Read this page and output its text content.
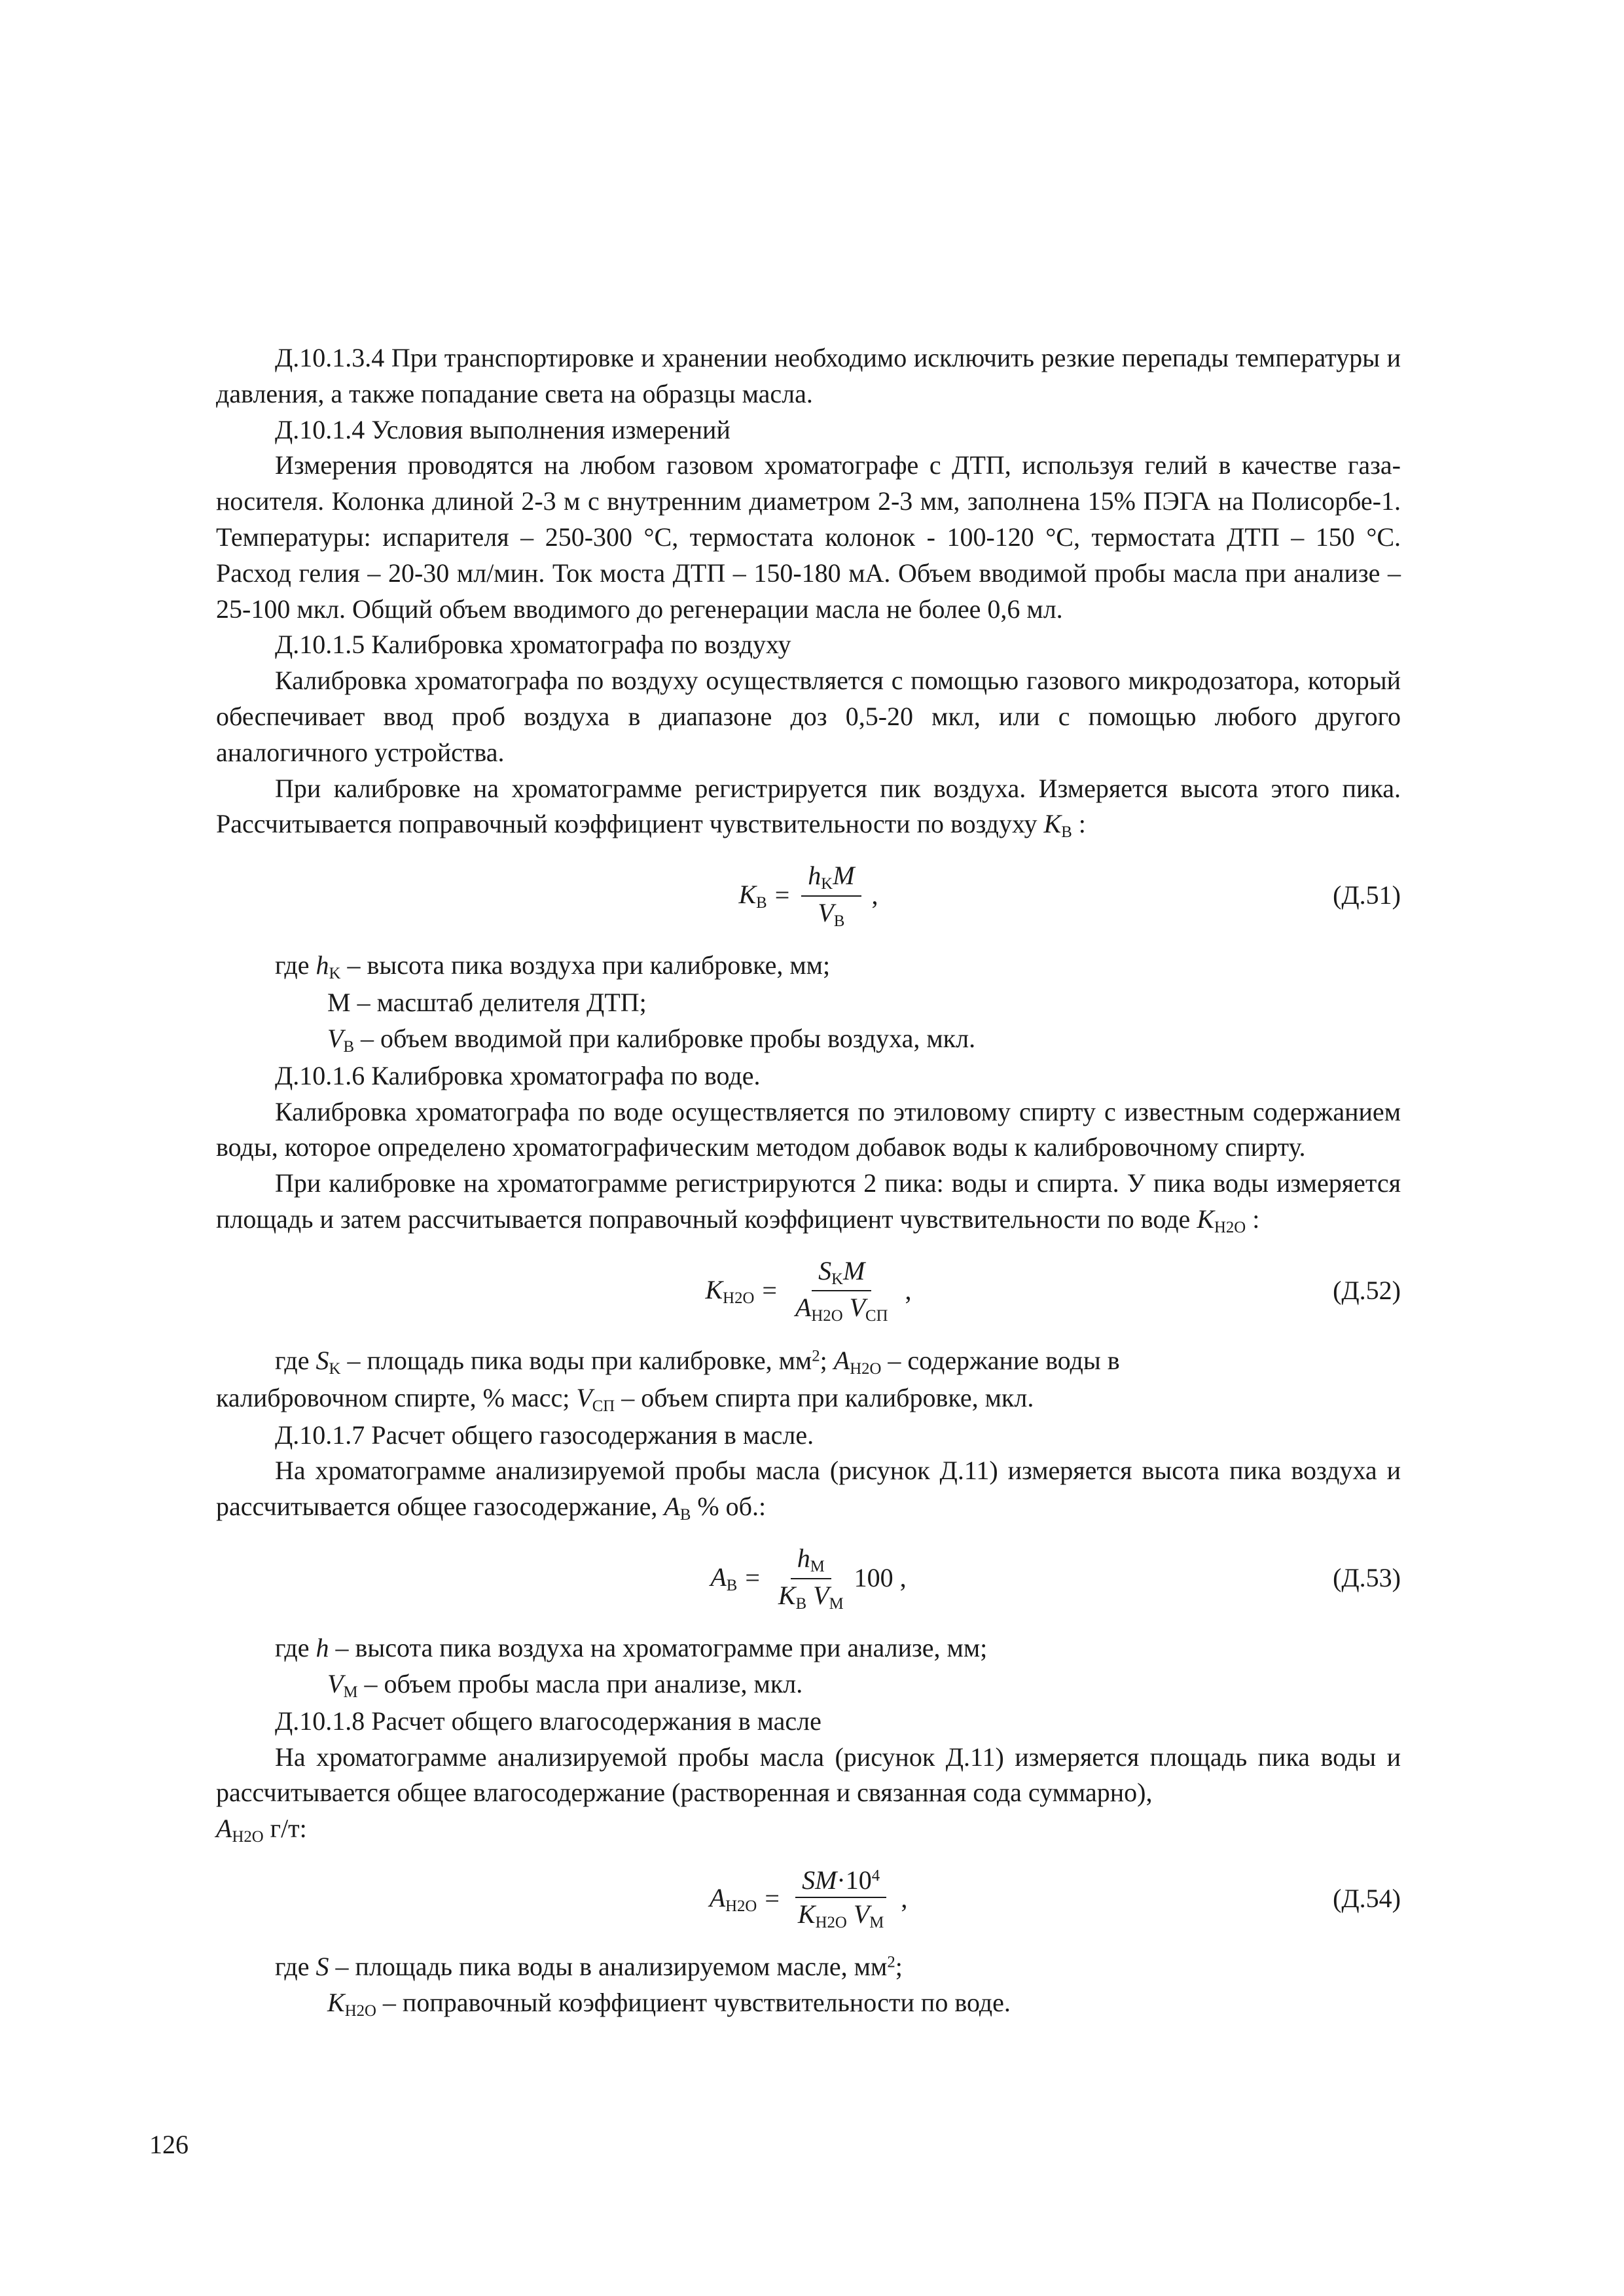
Д.10.1.3.4 При транспортировке и хранении необходимо исключить резкие перепады температуры и давления, а также попадание света на образцы масла.

Д.10.1.4 Условия выполнения измерений

Измерения проводятся на любом газовом хроматографе с ДТП, используя гелий в качестве газа-носителя. Колонка длиной 2-3 м с внутренним диаметром 2-3 мм, заполнена 15% ПЭГА на Полисорбе-1. Температуры: испарителя – 250-300 °С, термостата колонок - 100-120 °С, термостата ДТП – 150 °С. Расход гелия – 20-30 мл/мин. Ток моста ДТП – 150-180 мА. Объем вводимой пробы масла при анализе – 25-100 мкл. Общий объем вводимого до регенерации масла не более 0,6 мл.

Д.10.1.5 Калибровка хроматографа по воздуху

Калибровка хроматографа по воздуху осуществляется с помощью газового микродозатора, который обеспечивает ввод проб воздуха в диапазоне доз 0,5-20 мкл, или с помощью любого другого аналогичного устройства.

При калибровке на хроматограмме регистрируется пик воздуха. Измеряется высота этого пика. Рассчитывается поправочный коэффициент чувствительности по воздуху $K_В$ :

$K_В = \frac{h_KM}{V_В}$ ,	(Д.51)

где $h_K$ – высота пика воздуха при калибровке, мм;

М – масштаб делителя ДТП;

$V_В$ – объем вводимой при калибровке пробы воздуха, мкл.

Д.10.1.6 Калибровка хроматографа по воде.

Калибровка хроматографа по воде осуществляется по этиловому спирту с известным содержанием воды, которое определено хроматографическим методом добавок воды к калибровочному спирту.

При калибровке на хроматограмме регистрируются 2 пика: воды и спирта. У пика воды измеряется площадь и затем рассчитывается поправочный коэффициент чувствительности по воде $K_{Н2О}$ :

$K_{Н2О} = \frac{S_KM}{A_{Н2О} V_{СП}}$ ,	(Д.52)

где $S_K$ – площадь пика воды при калибровке, $мм^2$; $A_{Н2О}$ – содержание воды в

калибровочном спирте, % масс; $V_{СП}$ – объем спирта при калибровке, мкл.

Д.10.1.7 Расчет общего газосодержания в масле.

На хроматограмме анализируемой пробы масла (рисунок Д.11) измеряется высота пика воздуха и рассчитывается общее газосодержание, $A_В$ % об.:

$A_В = \frac{h_М}{K_В V_М} 100$ ,	(Д.53)

где h – высота пика воздуха на хроматограмме при анализе, мм;

$V_М$ – объем пробы масла при анализе, мкл.

Д.10.1.8 Расчет общего влагосодержания в масле

На хроматограмме анализируемой пробы масла (рисунок Д.11) измеряется площадь пика воды и рассчитывается общее влагосодержание (растворенная и связанная сода суммарно),

$A_{Н2О}$ г/т:

$A_{Н2О} = \frac{SM\cdot 10^4}{K_{Н2О} V_М}$ ,	(Д.54)

где S – площадь пика воды в анализируемом масле, $мм^2$;

$K_{H2O}$ – поправочный коэффициент чувствительности по воде.

126
